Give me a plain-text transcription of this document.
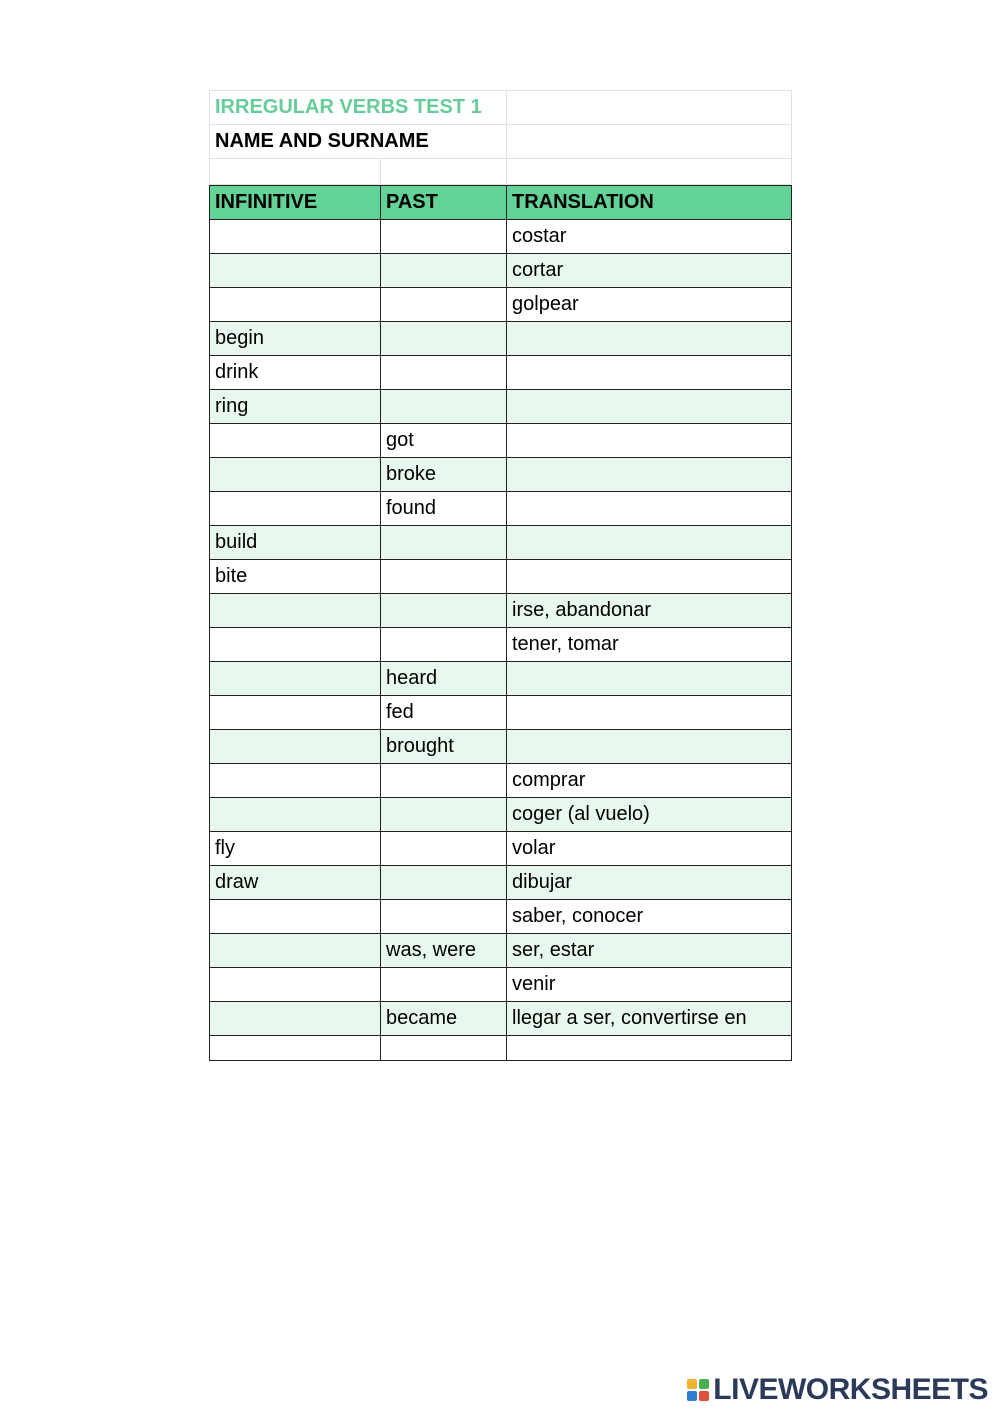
IRREGULAR VERBS TEST 1		
NAME AND SURNAME		

INFINITIVE	PAST	TRANSLATION
		costar
		cortar
		golpear
begin		
drink		
ring		
	got	
	broke	
	found	
build		
bite		
		irse, abandonar
		tener, tomar
	heard	
	fed	
	brought	
		comprar
		coger (al vuelo)
fly		volar
draw		dibujar
		saber, conocer
	was, were	ser, estar
		venir
	became	llegar a ser, convertirse en

LIVEWORKSHEETS
